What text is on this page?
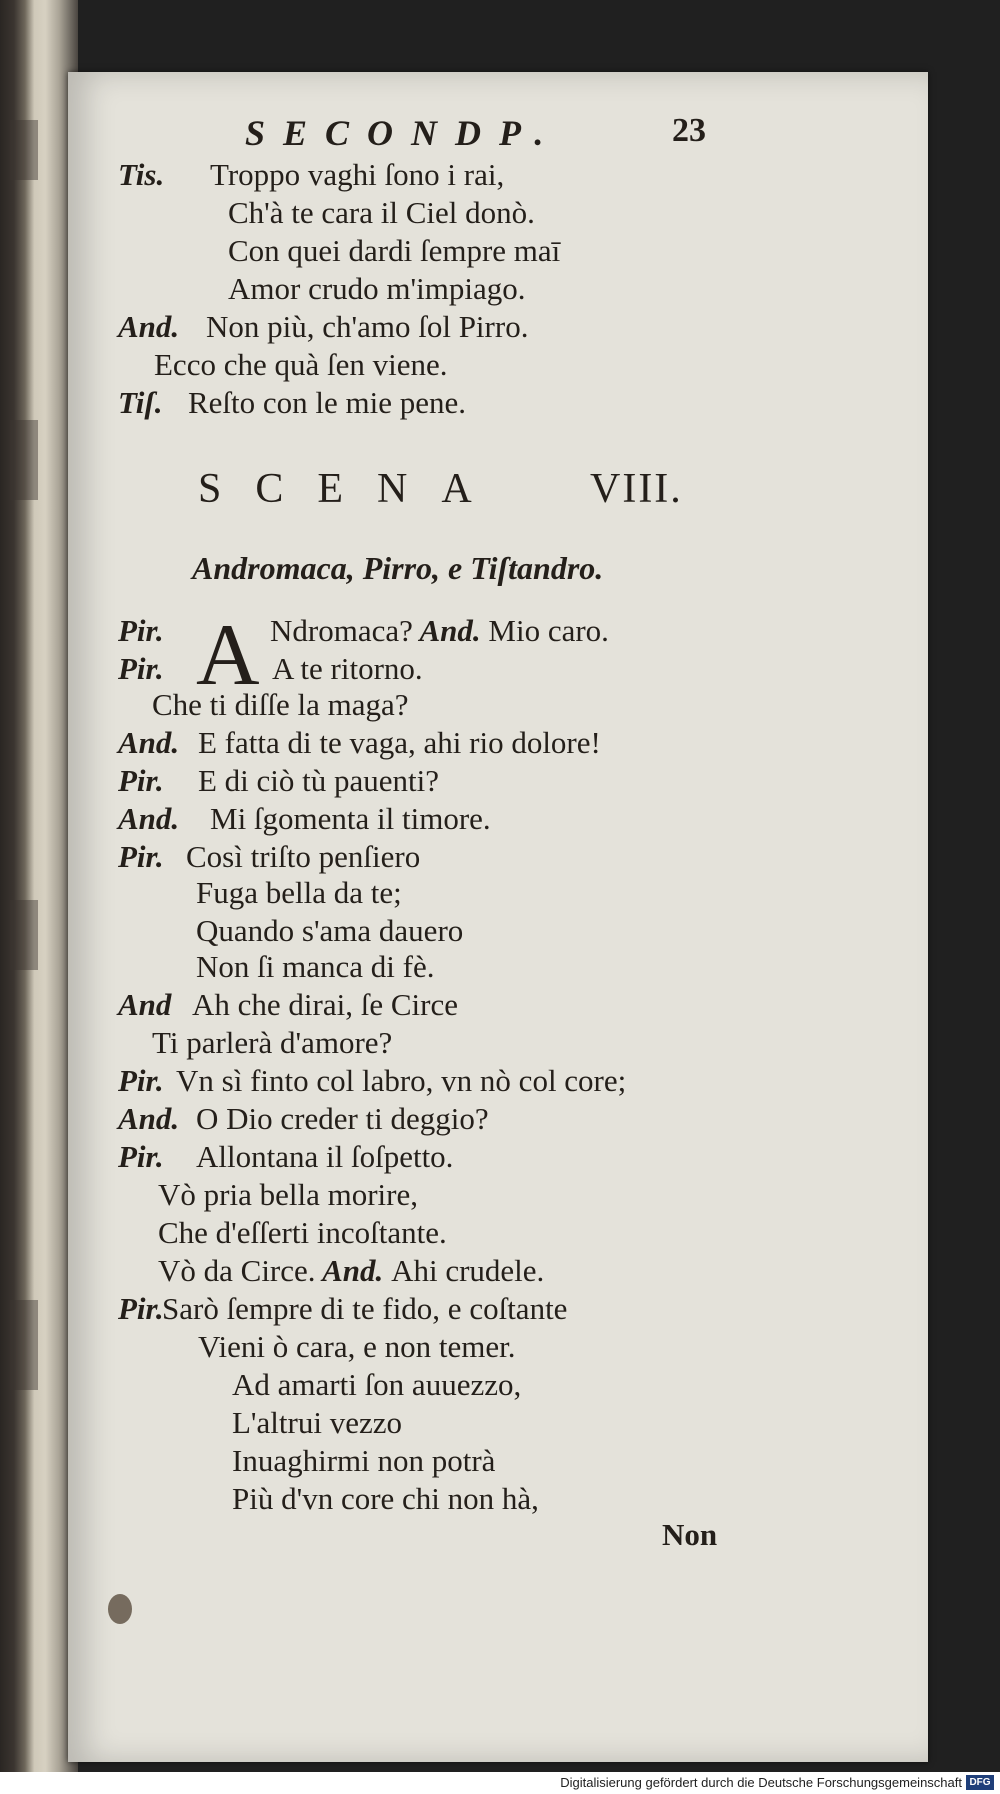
SECONDP.	23
Tis. Troppo vaghi ſono i rai,
Ch'à te cara il Ciel donò.
Con quei dardi ſempre maī
Amor crudo m'impiago.
And. Non più, ch'amo ſol Pirro.
Ecco che quà ſen viene.
Tiſ. Reſto con le mie pene.
SCENA VIII.
Andromaca, Pirro, e Tiſtandro.
A
Pir.	Ndromaca? And. Mio caro.
Pir.	A te ritorno.
Che ti diſſe la maga?
And. E fatta di te vaga, ahi rio dolore!
Pir. E di ciò tù pauenti?
And. Mi ſgomenta il timore.
Pir. Così triſto penſiero
Fuga bella da te;
Quando s'ama dauero
Non ſi manca di fè.
And Ah che dirai, ſe Circe
Ti parlerà d'amore?
Pir. Vn sì finto col labro, vn nò col core;
And. O Dio creder ti deggio?
Pir. Allontana il ſoſpetto.
Vò pria bella morire,
Che d'eſſerti incoſtante.
Vò da Circe. And. Ahi crudele.
Pir.
Sarò ſempre di te fido, e coſtante
Vieni ò cara, e non temer.
Ad amarti ſon auuezzo,
L'altrui vezzo
Inuaghirmi non potrà
Più d'vn core chi non hà,
Non
Digitalisierung gefördert durch die Deutsche Forschungsgemeinschaft DFG
